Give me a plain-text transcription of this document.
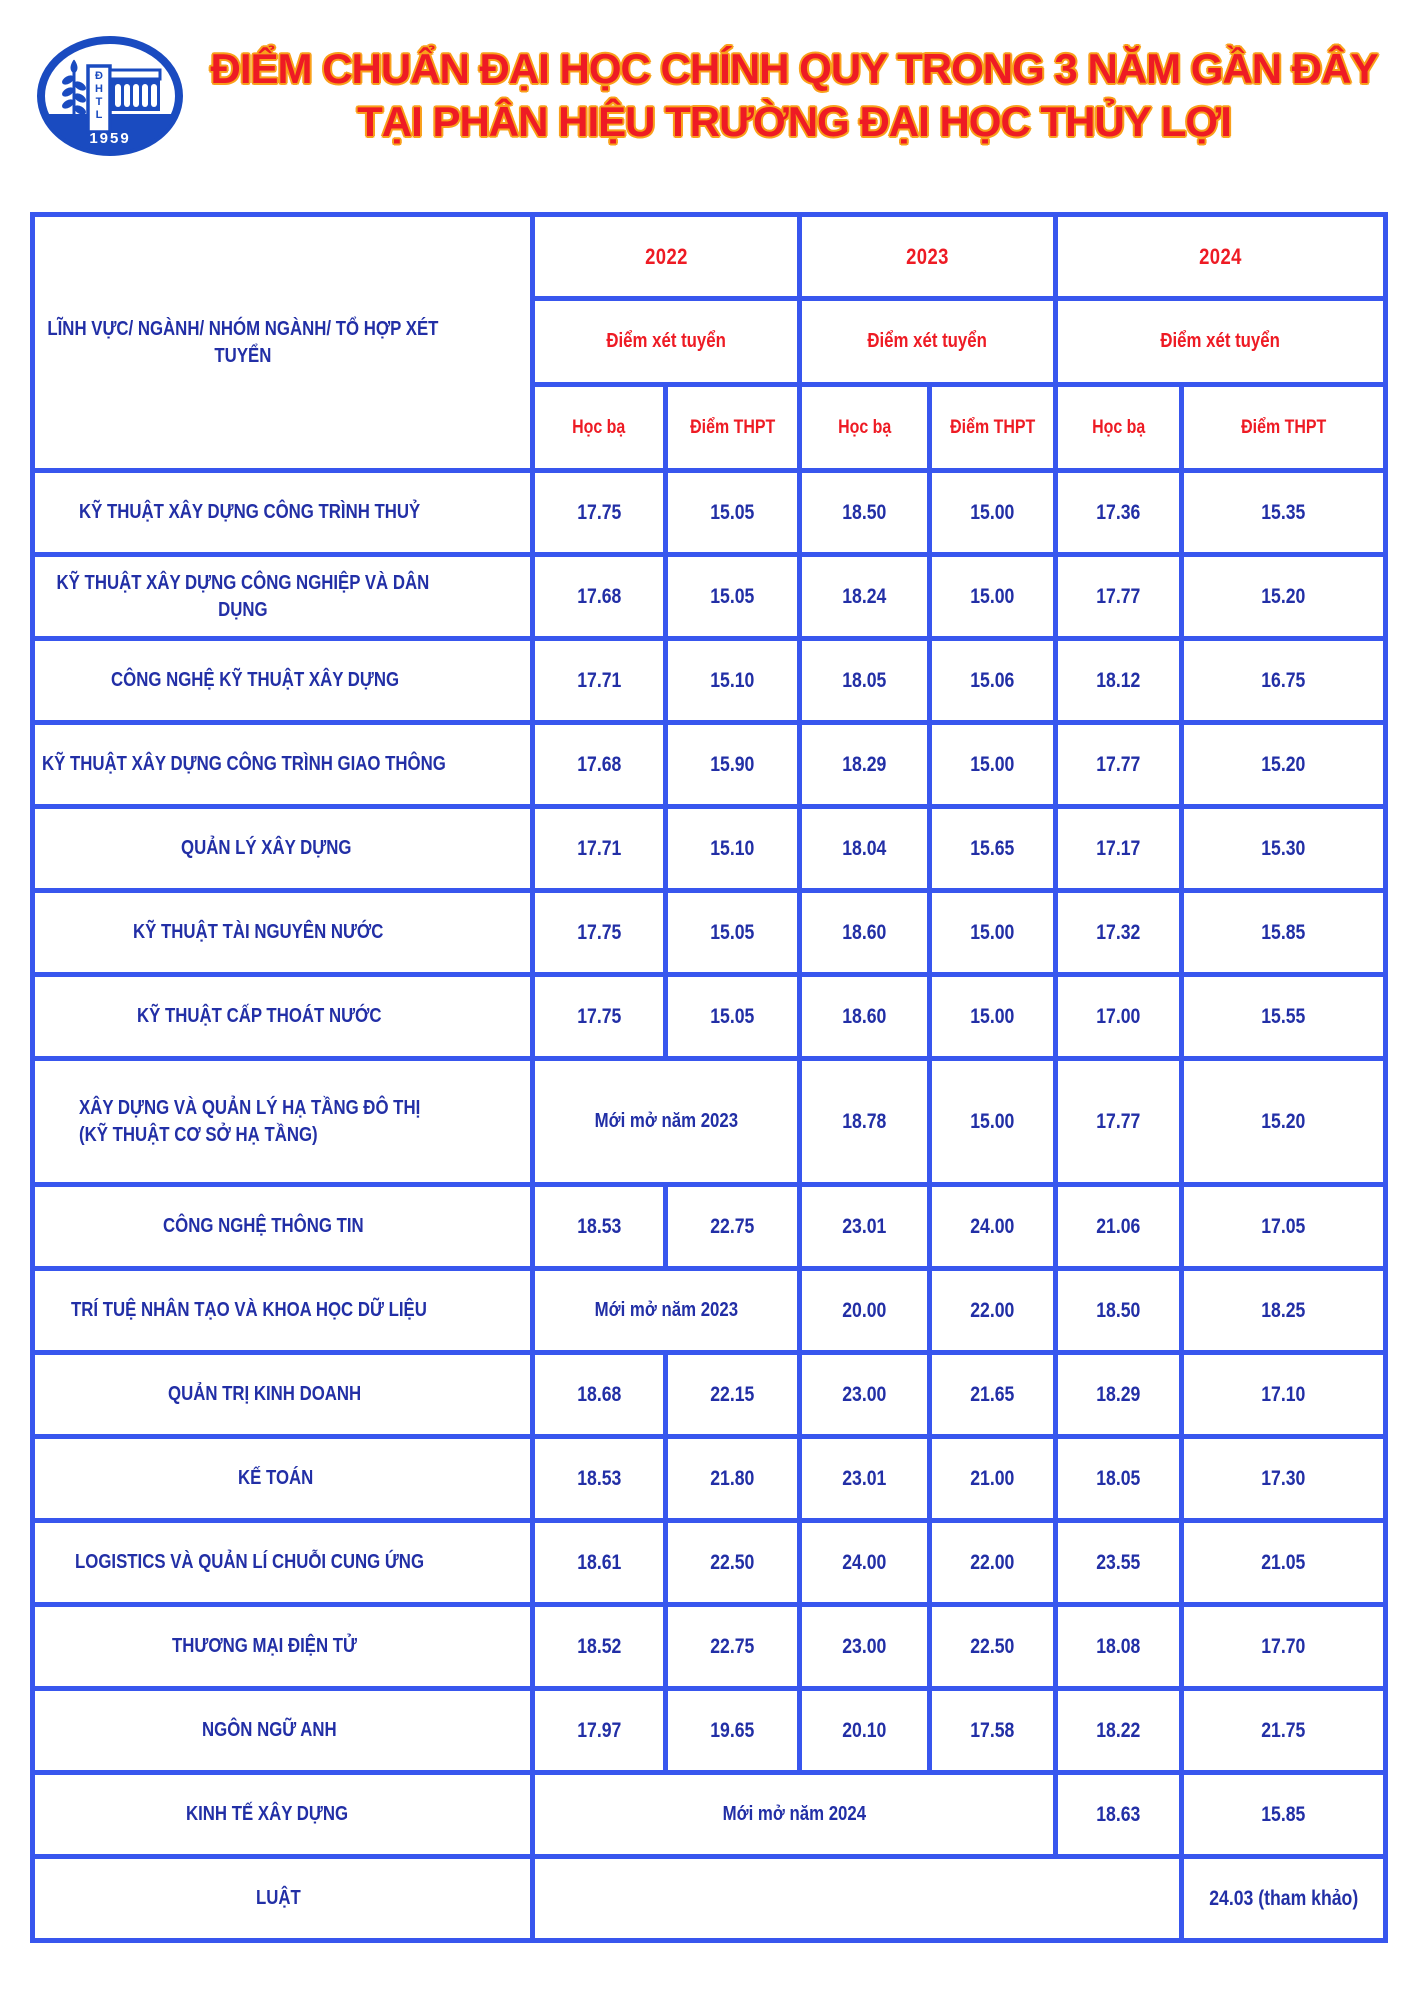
ĐHTL
1959
ĐIỂM CHUẨN ĐẠI HỌC CHÍNH QUY TRONG 3 NĂM GẦN ĐÂY
TẠI PHÂN HIỆU TRƯỜNG ĐẠI HỌC THỦY LỢI
LĨNH VỰC/ NGÀNH/ NHÓM NGÀNH/ TỔ HỢP XÉT TUYỂN	2022		2023		2024	
	Điểm xét tuyển		Điểm xét tuyển		Điểm xét tuyển	
	Học bạ	Điểm THPT	Học bạ	Điểm THPT	Học bạ	Điểm THPT
KỸ THUẬT XÂY DỰNG CÔNG TRÌNH THUỶ	17.75	15.05	18.50	15.00	17.36	15.35
KỸ THUẬT XÂY DỰNG CÔNG NGHIỆP VÀ DÂN DỤNG	17.68	15.05	18.24	15.00	17.77	15.20
CÔNG NGHỆ KỸ THUẬT XÂY DỰNG	17.71	15.10	18.05	15.06	18.12	16.75
KỸ THUẬT XÂY DỰNG CÔNG TRÌNH GIAO THÔNG	17.68	15.90	18.29	15.00	17.77	15.20
QUẢN LÝ XÂY DỰNG	17.71	15.10	18.04	15.65	17.17	15.30
KỸ THUẬT TÀI NGUYÊN NƯỚC	17.75	15.05	18.60	15.00	17.32	15.85
KỸ THUẬT CẤP THOÁT NƯỚC	17.75	15.05	18.60	15.00	17.00	15.55

XÂY DỰNG VÀ QUẢN LÝ HẠ TẦNG ĐÔ THỊ
(KỸ THUẬT CƠ SỞ HẠ TẦNG)	Mới mở năm 2023		18.78	15.00	17.77	15.20
CÔNG NGHỆ THÔNG TIN	18.53	22.75	23.01	24.00	21.06	17.05
TRÍ TUỆ NHÂN TẠO VÀ KHOA HỌC DỮ LIỆU	Mới mở năm 2023		20.00	22.00	18.50	18.25
QUẢN TRỊ KINH DOANH	18.68	22.15	23.00	21.65	18.29	17.10
KẾ TOÁN	18.53	21.80	23.01	21.00	18.05	17.30
LOGISTICS VÀ QUẢN LÍ CHUỖI CUNG ỨNG	18.61	22.50	24.00	22.00	23.55	21.05
THƯƠNG MẠI ĐIỆN TỬ	18.52	22.75	23.00	22.50	18.08	17.70
NGÔN NGỮ ANH	17.97	19.65	20.10	17.58	18.22	21.75
KINH TẾ XÂY DỰNG	Mới mở năm 2024				18.63	15.85
LUẬT						24.03 (tham khảo)
